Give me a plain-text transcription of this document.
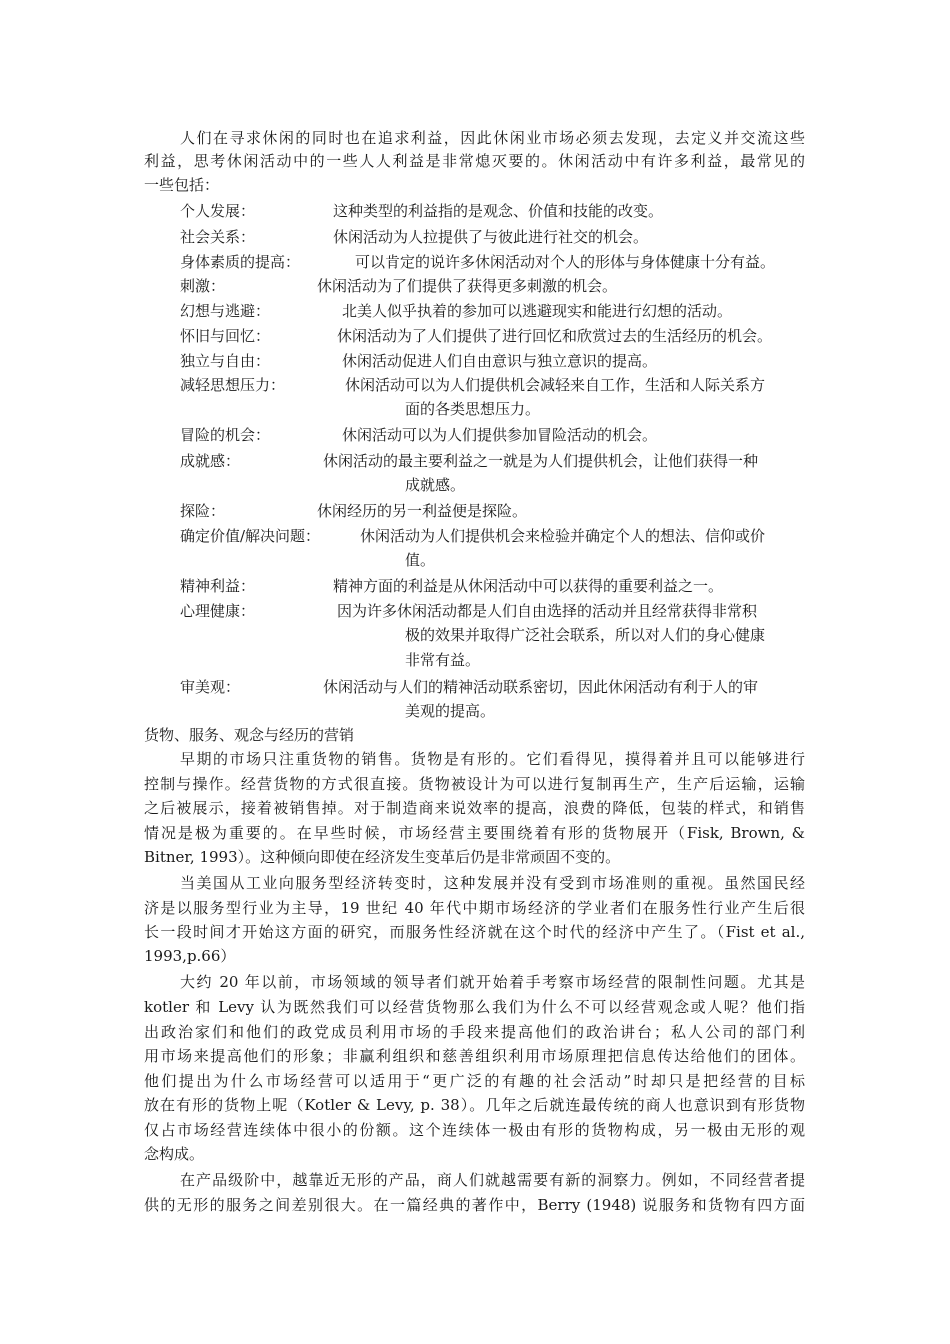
人们在寻求休闲的同时也在追求利益，因此休闲业市场必须去发现，去定义并交流这些
利益，思考休闲活动中的一些人人利益是非常熄灭要的。休闲活动中有许多利益，最常见的
一些包括：
个人发展：	这种类型的利益指的是观念、价值和技能的改变。
社会关系：	休闲活动为人拉提供了与彼此进行社交的机会。
身体素质的提高：	可以肯定的说许多休闲活动对个人的形体与身体健康十分有益。
刺激：	休闲活动为了们提供了获得更多刺激的机会。
幻想与逃避：	北美人似乎执着的参加可以逃避现实和能进行幻想的活动。
怀旧与回忆：	休闲活动为了人们提供了进行回忆和欣赏过去的生活经历的机会。
独立与自由：	休闲活动促进人们自由意识与独立意识的提高。
减轻思想压力：	休闲活动可以为人们提供机会减轻来自工作，生活和人际关系方
面的各类思想压力。
冒险的机会：	休闲活动可以为人们提供参加冒险活动的机会。
成就感：	休闲活动的最主要利益之一就是为人们提供机会，让他们获得一种
成就感。
探险：	休闲经历的另一利益便是探险。
确定价值/解决问题：	休闲活动为人们提供机会来检验并确定个人的想法、信仰或价
值。
精神利益：	精神方面的利益是从休闲活动中可以获得的重要利益之一。
心理健康：	因为许多休闲活动都是人们自由选择的活动并且经常获得非常积
极的效果并取得广泛社会联系，所以对人们的身心健康
非常有益。
审美观：	休闲活动与人们的精神活动联系密切，因此休闲活动有利于人的审
美观的提高。
货物、服务、观念与经历的营销
早期的市场只注重货物的销售。货物是有形的。它们看得见，摸得着并且可以能够进行
控制与操作。经营货物的方式很直接。货物被设计为可以进行复制再生产，生产后运输，运输
之后被展示，接着被销售掉。对于制造商来说效率的提高，浪费的降低，包装的样式，和销售
情况是极为重要的。在早些时候，市场经营主要围绕着有形的货物展开（Fisk, Brown, &
Bitner, 1993）。这种倾向即使在经济发生变革后仍是非常顽固不变的。
当美国从工业向服务型经济转变时，这种发展并没有受到市场准则的重视。虽然国民经
济是以服务型行业为主导，19 世纪 40 年代中期市场经济的学业者们在服务性行业产生后很
长一段时间才开始这方面的研究，而服务性经济就在这个时代的经济中产生了。（Fist et al.,
1993,p.66）
大约 20 年以前，市场领域的领导者们就开始着手考察市场经营的限制性问题。尤其是
kotler 和 Levy 认为既然我们可以经营货物那么我们为什么不可以经营观念或人呢？他们指
出政治家们和他们的政党成员利用市场的手段来提高他们的政治讲台；私人公司的部门利
用市场来提高他们的形象；非赢利组织和慈善组织利用市场原理把信息传达给他们的团体。
他们提出为什么市场经营可以适用于“更广泛的有趣的社会活动”时却只是把经营的目标
放在有形的货物上呢（Kotler & Levy, p. 38）。几年之后就连最传统的商人也意识到有形货物
仅占市场经营连续体中很小的份额。这个连续体一极由有形的货物构成，另一极由无形的观
念构成。
在产品级阶中，越靠近无形的产品，商人们就越需要有新的洞察力。例如，不同经营者提
供的无形的服务之间差别很大。在一篇经典的著作中，Berry (1948) 说服务和货物有四方面
